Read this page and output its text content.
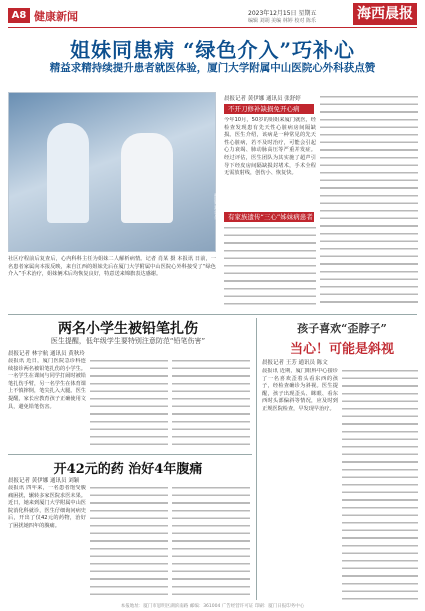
A8 健康新闻	2023年12月15日 星期五
编辑 刘胡 美编 林婷 校对 陈乐	海西晨报
姐妹同患病 “绿色介入”巧补心
精益求精持续提升患者就医体验，厦门大学附属中山医院心外科获点赞
摄影/通讯员
社区疗程前后复查后，心内科科主任为姐妹二人解析病情。记者 肖某 摄 本报讯 日前，一名患者家属向本报反映，来自江西的姐妹先后在厦门大学附属中山医院心外科接受了“绿色介入”手术治疗，姐妹俩术后均恢复良好，特意送来锦旗表达感谢。
晨报记者 黄伊娜 通讯员 张舒婷
不开刀修补缺损免开心病
今年10月，50岁的姐姐来厦门就医，经检查发现患有先天性心脏病房间隔缺损。医生介绍，该病是一种常见的先天性心脏病，若不及时治疗，可能会引起心力衰竭、肺动脉高压等严重并发症。经过评估，医生团队为其实施了超声引导下经皮房间隔缺损封堵术，手术全程无需放射线，创伤小、恢复快。
有家族遗传“三心”姊妹病患者
两名小学生被铅笔扎伤
医生提醒，低年级学生要特别注意防范“铅笔伤害”
晨报记者 林宇航 通讯员 黄秋玲
晨报讯 近日，厦门医院急诊科连续接诊两名被铅笔扎伤的小学生。一名学生在课间与同学打闹时被铅笔扎伤手臂，另一名学生在体育课上不慎摔倒，笔尖扎入大腿。医生提醒，家长应教育孩子正确使用文具，避免铅笔伤害。
孩子喜欢“歪脖子”
当心！可能是斜视
晨报记者 王芳 通讯员 陈文
晨报讯 近期，厦门眼科中心接诊了一名喜欢歪着头看东西的孩子，经检查确诊为斜视。医生提醒，孩子出现歪头、眯眼、看东西时头部偏斜等情况，应及时到正规医院检查，早发现早治疗。
开42元的药 治好4年腹痛
晨报记者 黄伊娜 通讯员 刘颖
晨报讯 四年来，一名患者饱受腹痛困扰，辗转多家医院求医未果。近日，她来到厦门大学附属中山医院消化科就诊，医生仔细询问病史后，开出了仅42元的药物，治好了困扰她四年的腹痛。
本报地址：厦门市思明区湖滨南路 邮编：361004 广告经营许可证 印刷：厦门日报印务中心
